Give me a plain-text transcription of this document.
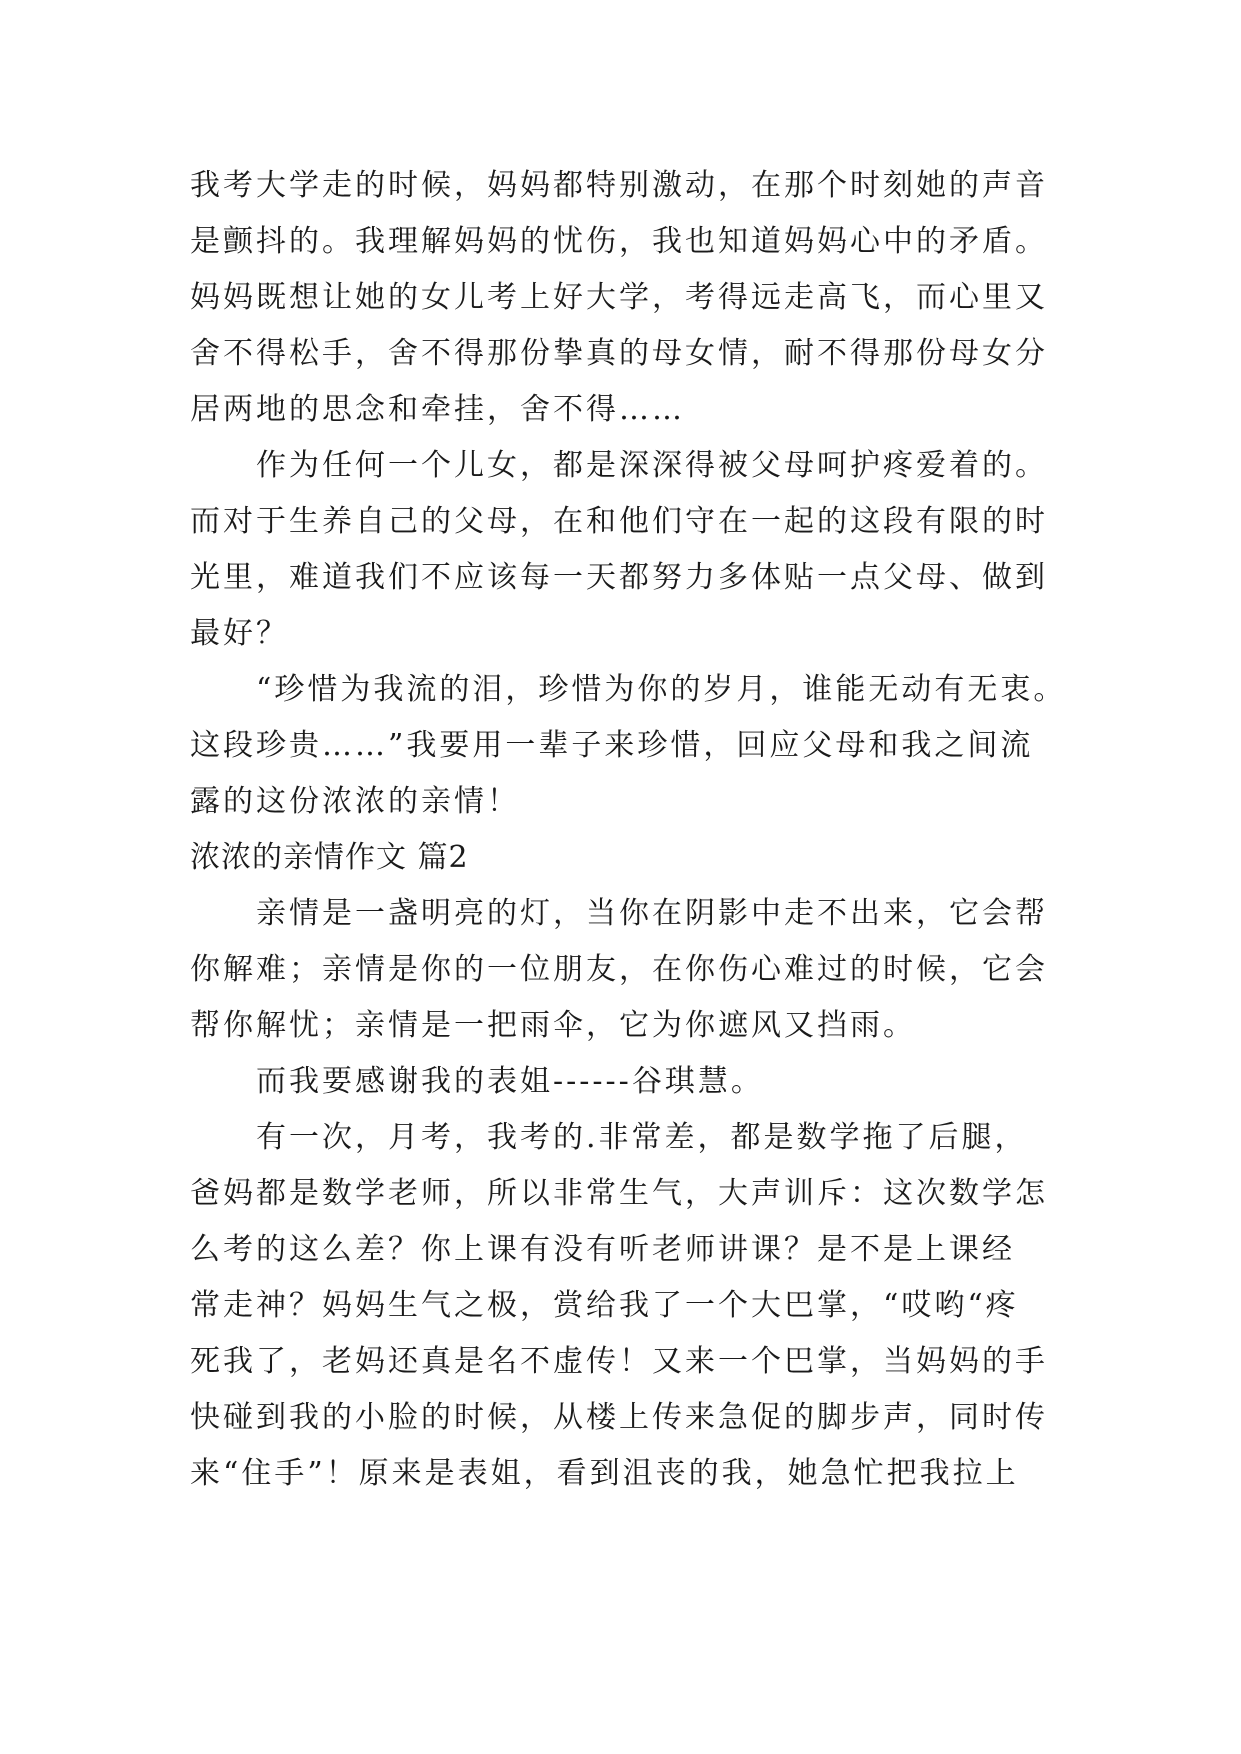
我考大学走的时候，妈妈都特别激动，在那个时刻她的声音
是颤抖的。我理解妈妈的忧伤，我也知道妈妈心中的矛盾。
妈妈既想让她的女儿考上好大学，考得远走高飞，而心里又
舍不得松手，舍不得那份挚真的母女情，耐不得那份母女分
居两地的思念和牵挂，舍不得……
作为任何一个儿女，都是深深得被父母呵护疼爱着的。
而对于生养自己的父母，在和他们守在一起的这段有限的时
光里，难道我们不应该每一天都努力多体贴一点父母、做到
最好？
“珍惜为我流的泪，珍惜为你的岁月，谁能无动有无衷。
这段珍贵……”我要用一辈子来珍惜，回应父母和我之间流
露的这份浓浓的亲情！
浓浓的亲情作文 篇2
亲情是一盏明亮的灯，当你在阴影中走不出来，它会帮
你解难；亲情是你的一位朋友，在你伤心难过的时候，它会
帮你解忧；亲情是一把雨伞，它为你遮风又挡雨。
而我要感谢我的表姐------谷琪慧。
有一次，月考，我考的.非常差，都是数学拖了后腿，
爸妈都是数学老师，所以非常生气，大声训斥：这次数学怎
么考的这么差？你上课有没有听老师讲课？是不是上课经
常走神？妈妈生气之极，赏给我了一个大巴掌，“哎哟“疼
死我了，老妈还真是名不虚传！又来一个巴掌，当妈妈的手
快碰到我的小脸的时候，从楼上传来急促的脚步声，同时传
来“住手”！原来是表姐，看到沮丧的我，她急忙把我拉上
